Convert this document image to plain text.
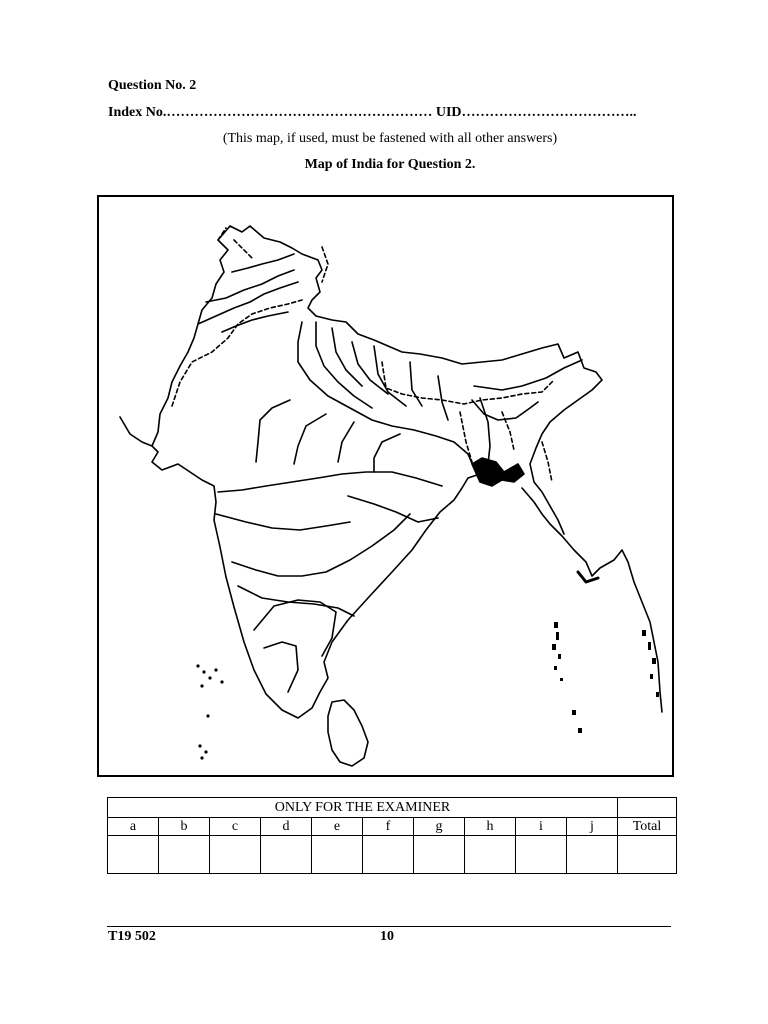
Question No. 2
Index No.………………………………………………… UID………………………………..
(This map, if used, must be fastened with all other answers)
Map of India for Question 2.
ONLY FOR THE EXAMINER										
a	b	c	d	e	f	g	h	i	j	Total

T19 502	10
